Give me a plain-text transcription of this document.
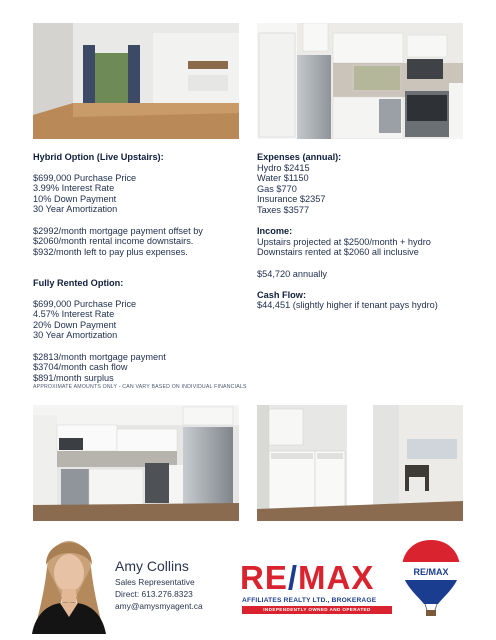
Hybrid Option (Live Upstairs):
$699,000 Purchase Price
3.99% Interest Rate
10% Down Payment
30 Year Amortization
$2992/month mortgage payment offset by
$2060/month rental income downstairs.
$932/month left to pay plus expenses.
Fully Rented Option:
$699,000 Purchase Price
4.57% Interest Rate
20% Down Payment
30 Year Amortization
$2813/month mortgage payment
$3704/month cash flow
$891/month surplus
Expenses (annual):
Hydro $2415
Water $1150
Gas $770
Insurance $2357
Taxes $3577
Income:
Upstairs projected at $2500/month + hydro
Downstairs rented at $2060 all inclusive
$54,720 annually
Cash Flow:
$44,451 (slightly higher if tenant pays hydro)
APPROXIMATE AMOUNTS ONLY - CAN VARY BASED ON INDIVIDUAL FINANCIALS
Amy Collins
Sales Representative
Direct: 613.276.8323
amy@amysmyagent.ca
RE/MAX
AFFILIATES REALTY LTD., BROKERAGE
INDEPENDENTLY OWNED AND OPERATED
RE/MAX
